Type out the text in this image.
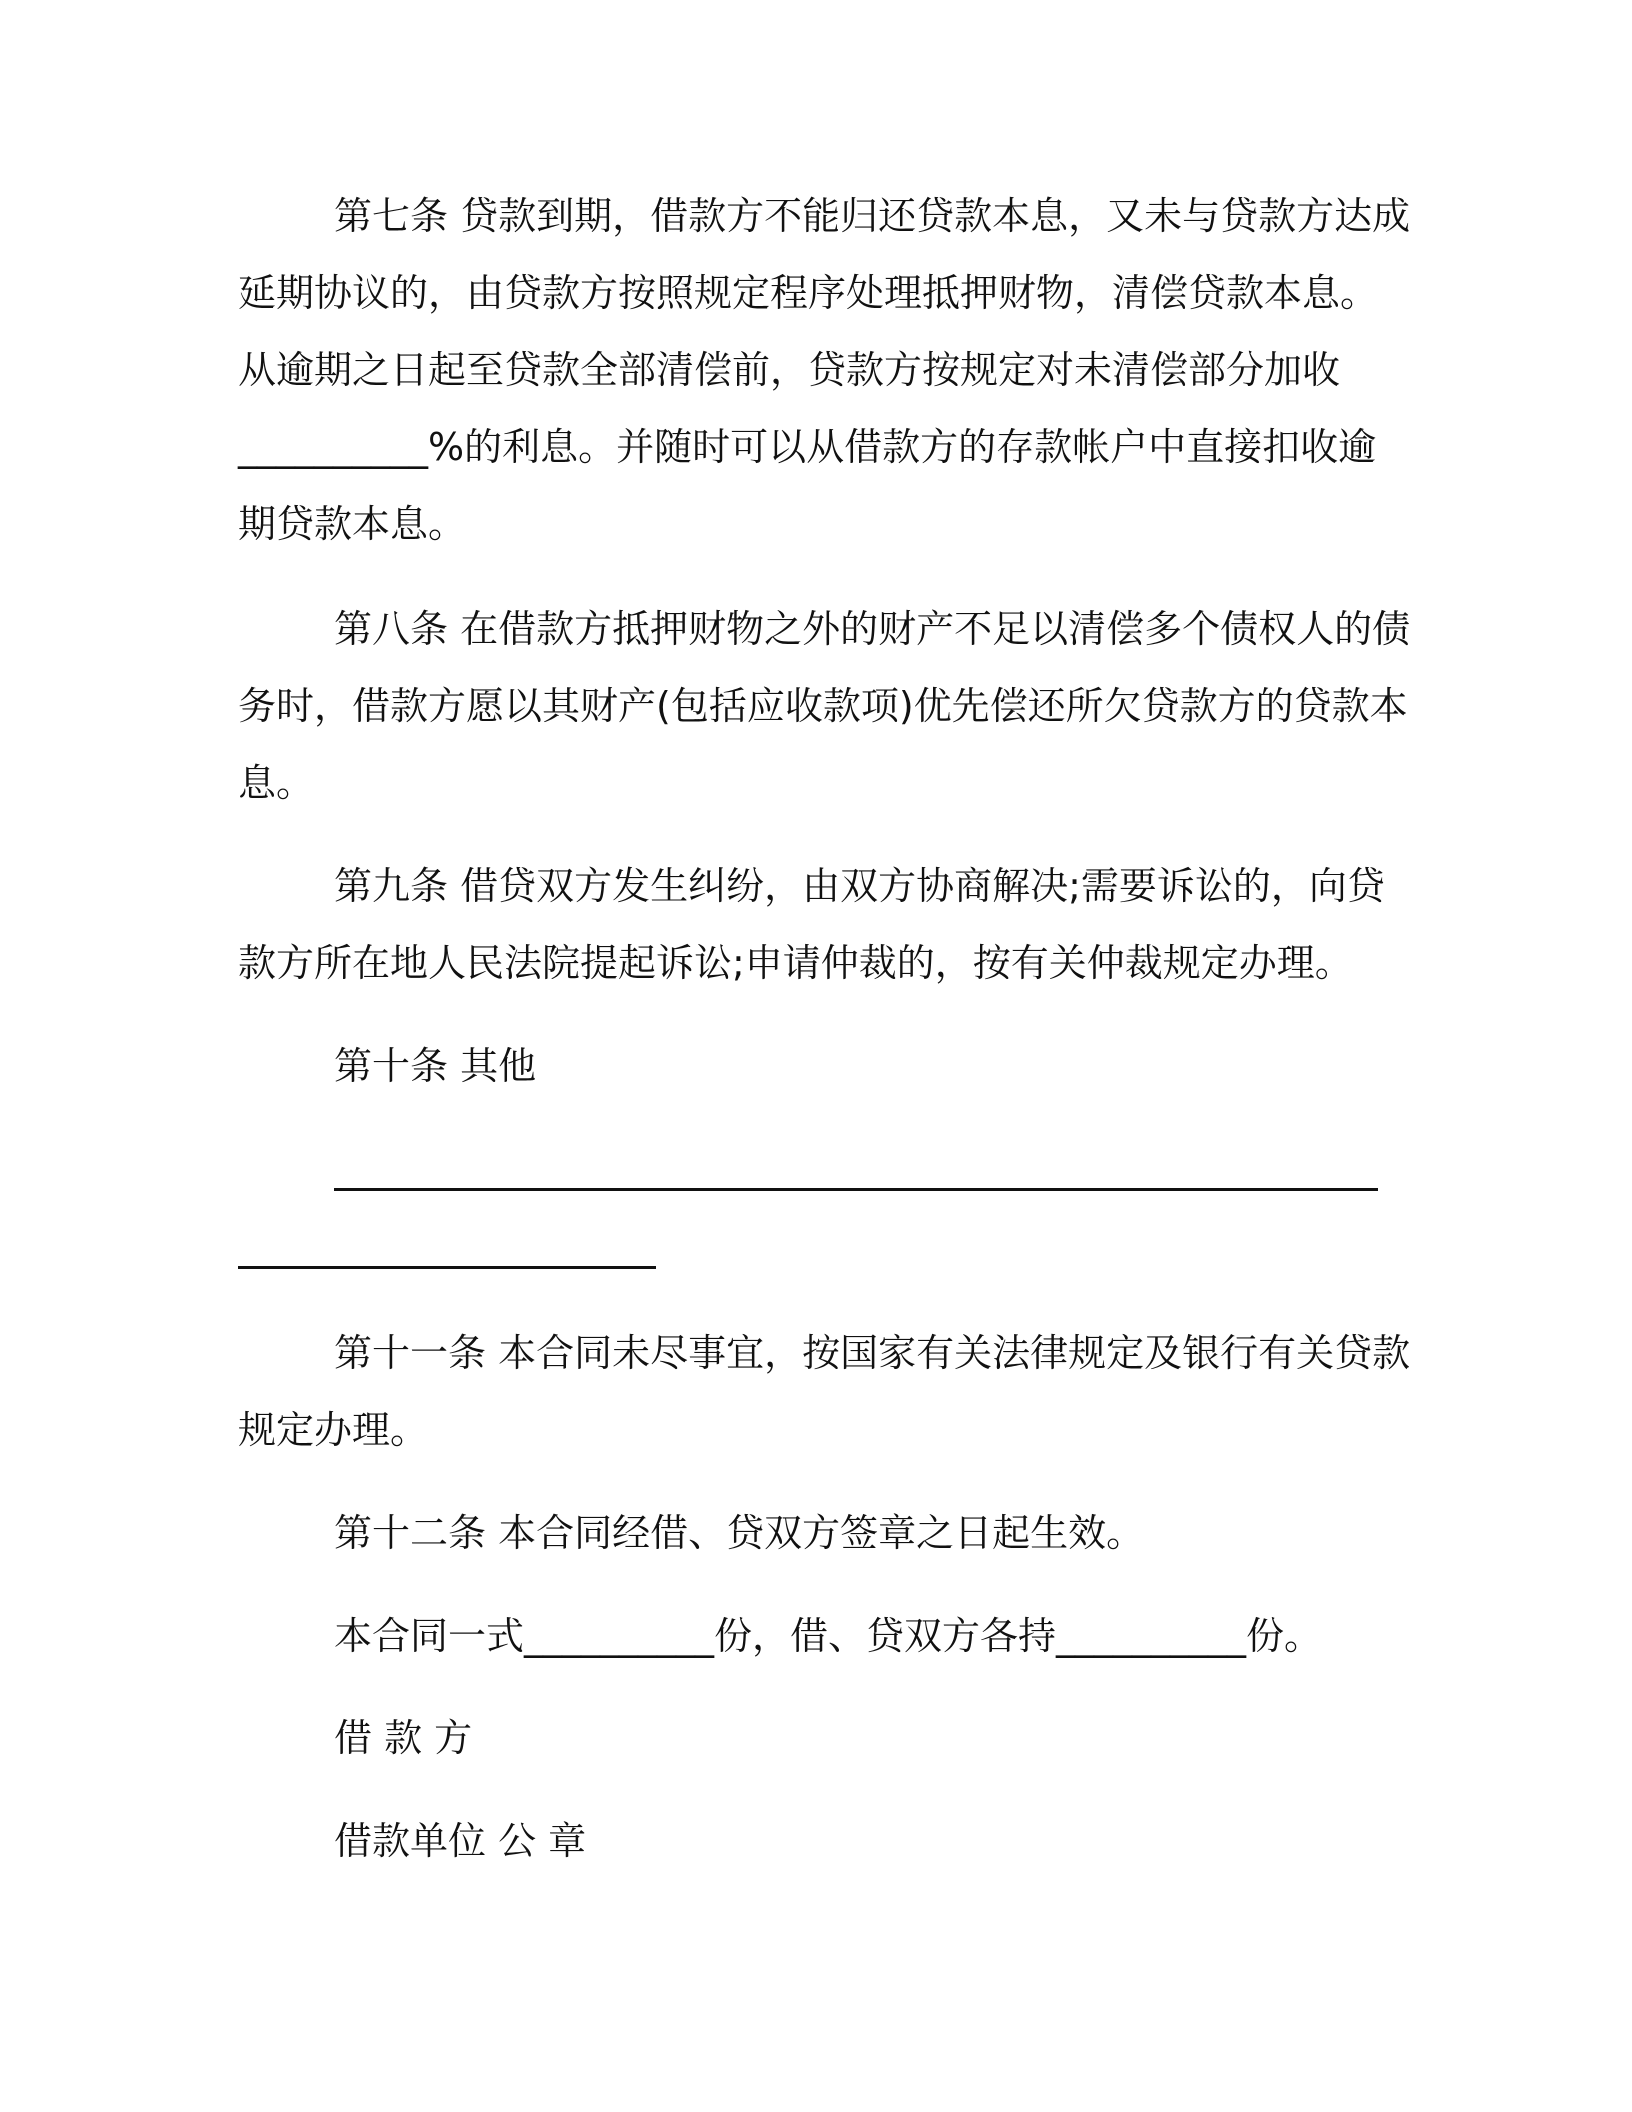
第七条 贷款到期，借款方不能归还贷款本息，又未与贷款方达成
延期协议的，由贷款方按照规定程序处理抵押财物，清偿贷款本息。
从逾期之日起至贷款全部清偿前，贷款方按规定对未清偿部分加收
__________%的利息。并随时可以从借款方的存款帐户中直接扣收逾
期贷款本息。
第八条 在借款方抵押财物之外的财产不足以清偿多个债权人的债
务时，借款方愿以其财产(包括应收款项)优先偿还所欠贷款方的贷款本
息。
第九条 借贷双方发生纠纷，由双方协商解决;需要诉讼的，向贷
款方所在地人民法院提起诉讼;申请仲裁的，按有关仲裁规定办理。
第十条 其他
第十一条 本合同未尽事宜，按国家有关法律规定及银行有关贷款
规定办理。
第十二条 本合同经借、贷双方签章之日起生效。
本合同一式__________份，借、贷双方各持__________份。
借 款 方
借款单位 公 章
